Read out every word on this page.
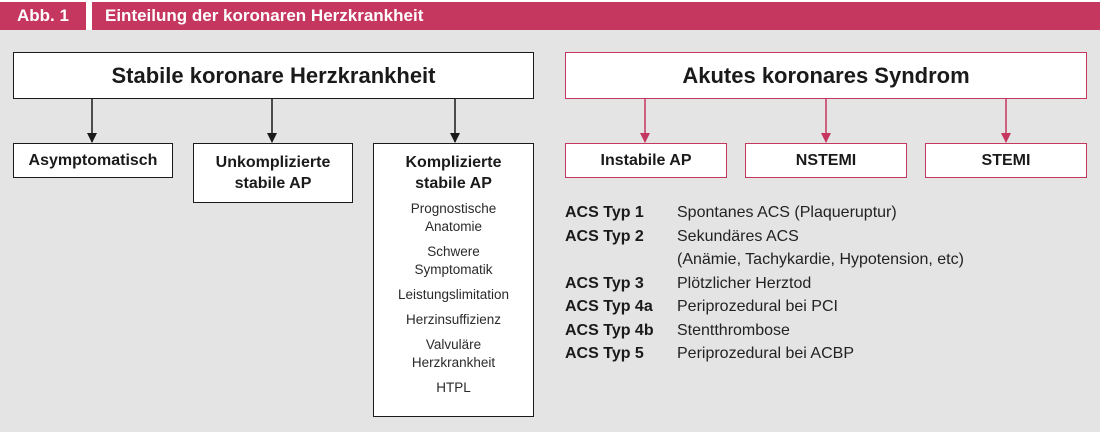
Abb. 1	Einteilung der koronaren Herzkrankheit
Stabile koronare Herzkrankheit
Asymptomatisch	Unkomplizierte
stabile AP
Komplizierte
stabile AP
Prognostische
Anatomie
Schwere
Symptomatik
Leistungslimitation
Herzinsuffizienz
Valvuläre
Herzkrankheit
HTPL
Akutes koronares Syndrom
Instabile AP	NSTEMI	STEMI
ACS Typ 1	Spontanes ACS (Plaqueruptur)
ACS Typ 2	Sekundäres ACS
(Anämie, Tachykardie, Hypotension, etc)
ACS Typ 3	Plötzlicher Herztod
ACS Typ 4a	Periprozedural bei PCI
ACS Typ 4b	Stentthrombose
ACS Typ 5	Periprozedural bei ACBP
